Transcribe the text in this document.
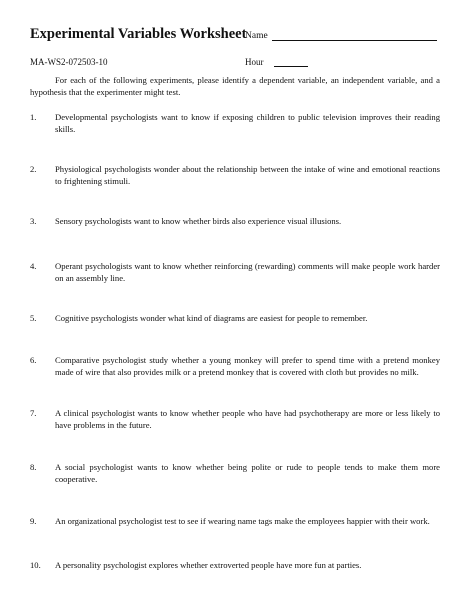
Experimental Variables Worksheet
Name
MA-WS2-072503-10	Hour
For each of the following experiments, please identify a dependent variable, an independent variable, and a hypothesis that the experimenter might test.
1. Developmental psychologists want to know if exposing children to public television improves their reading skills.
2. Physiological psychologists wonder about the relationship between the intake of wine and emotional reactions to frightening stimuli.
3. Sensory psychologists want to know whether birds also experience visual illusions.
4. Operant psychologists want to know whether reinforcing (rewarding) comments will make people work harder on an assembly line.
5. Cognitive psychologists wonder what kind of diagrams are easiest for people to remember.
6. Comparative psychologist study whether a young monkey will prefer to spend time with a pretend monkey made of wire that also provides milk or a pretend monkey that is covered with cloth but provides no milk.
7. A clinical psychologist wants to know whether people who have had psychotherapy are more or less likely to have problems in the future.
8. A social psychologist wants to know whether being polite or rude to people tends to make them more cooperative.
9. An organizational psychologist test to see if wearing name tags make the employees happier with their work.
10. A personality psychologist explores whether extroverted people have more fun at parties.
